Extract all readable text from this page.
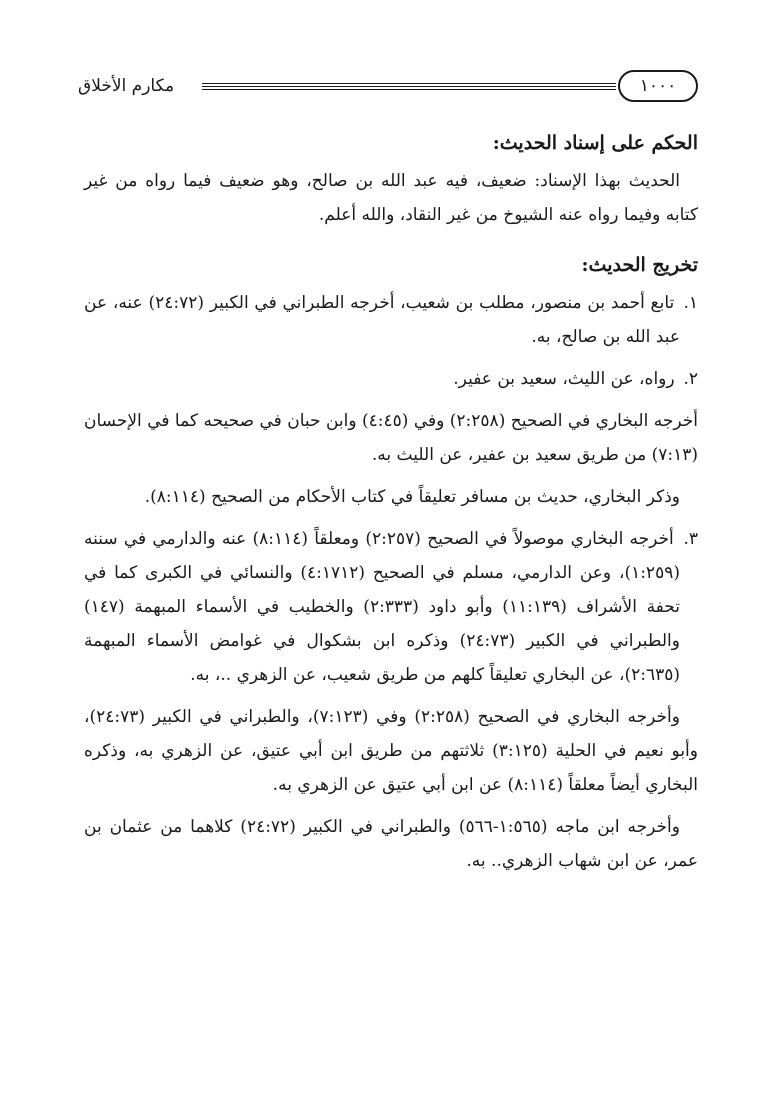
مكارم الأخلاق	١٠٠٠
الحكم على إسناد الحديث:

الحديث بهذا الإسناد: ضعيف، فيه عبد الله بن صالح، وهو ضعيف فيما رواه من غير كتابه وفيما رواه عنه الشيوخ من غير النقاد، والله أعلم.

تخريج الحديث:

١. تابع أحمد بن منصور، مطلب بن شعيب، أخرجه الطبراني في الكبير (٢٤:٧٢) عنه، عن عبد الله بن صالح، به.

٢. رواه، عن الليث، سعيد بن عفير.

أخرجه البخاري في الصحيح (٢:٢٥٨) وفي (٤:٤٥) وابن حبان في صحيحه كما في الإحسان (٧:١٣) من طريق سعيد بن عفير، عن الليث به.

وذكر البخاري، حديث بن مسافر تعليقاً في كتاب الأحكام من الصحيح (٨:١١٤).

٣. أخرجه البخاري موصولاً في الصحيح (٢:٢٥٧) ومعلقاً (٨:١١٤) عنه والدارمي في سننه (١:٢٥٩)، وعن الدارمي، مسلم في الصحيح (٤:١٧١٢) والنسائي في الكبرى كما في تحفة الأشراف (١١:١٣٩) وأبو داود (٢:٣٣٣) والخطيب في الأسماء المبهمة (١٤٧) والطبراني في الكبير (٢٤:٧٣) وذكره ابن بشكوال في غوامض الأسماء المبهمة (٢:٦٣٥)، عن البخاري تعليقاً كلهم من طريق شعيب، عن الزهري ..، به.

وأخرجه البخاري في الصحيح (٢:٢٥٨) وفي (٧:١٢٣)، والطبراني في الكبير (٢٤:٧٣)، وأبو نعيم في الحلية (٣:١٢٥) ثلاثتهم من طريق ابن أبي عتيق، عن الزهري به، وذكره البخاري أيضاً معلقاً (٨:١١٤) عن ابن أبي عتيق عن الزهري به.

وأخرجه ابن ماجه (١:٥٦٥-٥٦٦) والطبراني في الكبير (٢٤:٧٢) كلاهما من عثمان بن عمر، عن ابن شهاب الزهري.. به.
